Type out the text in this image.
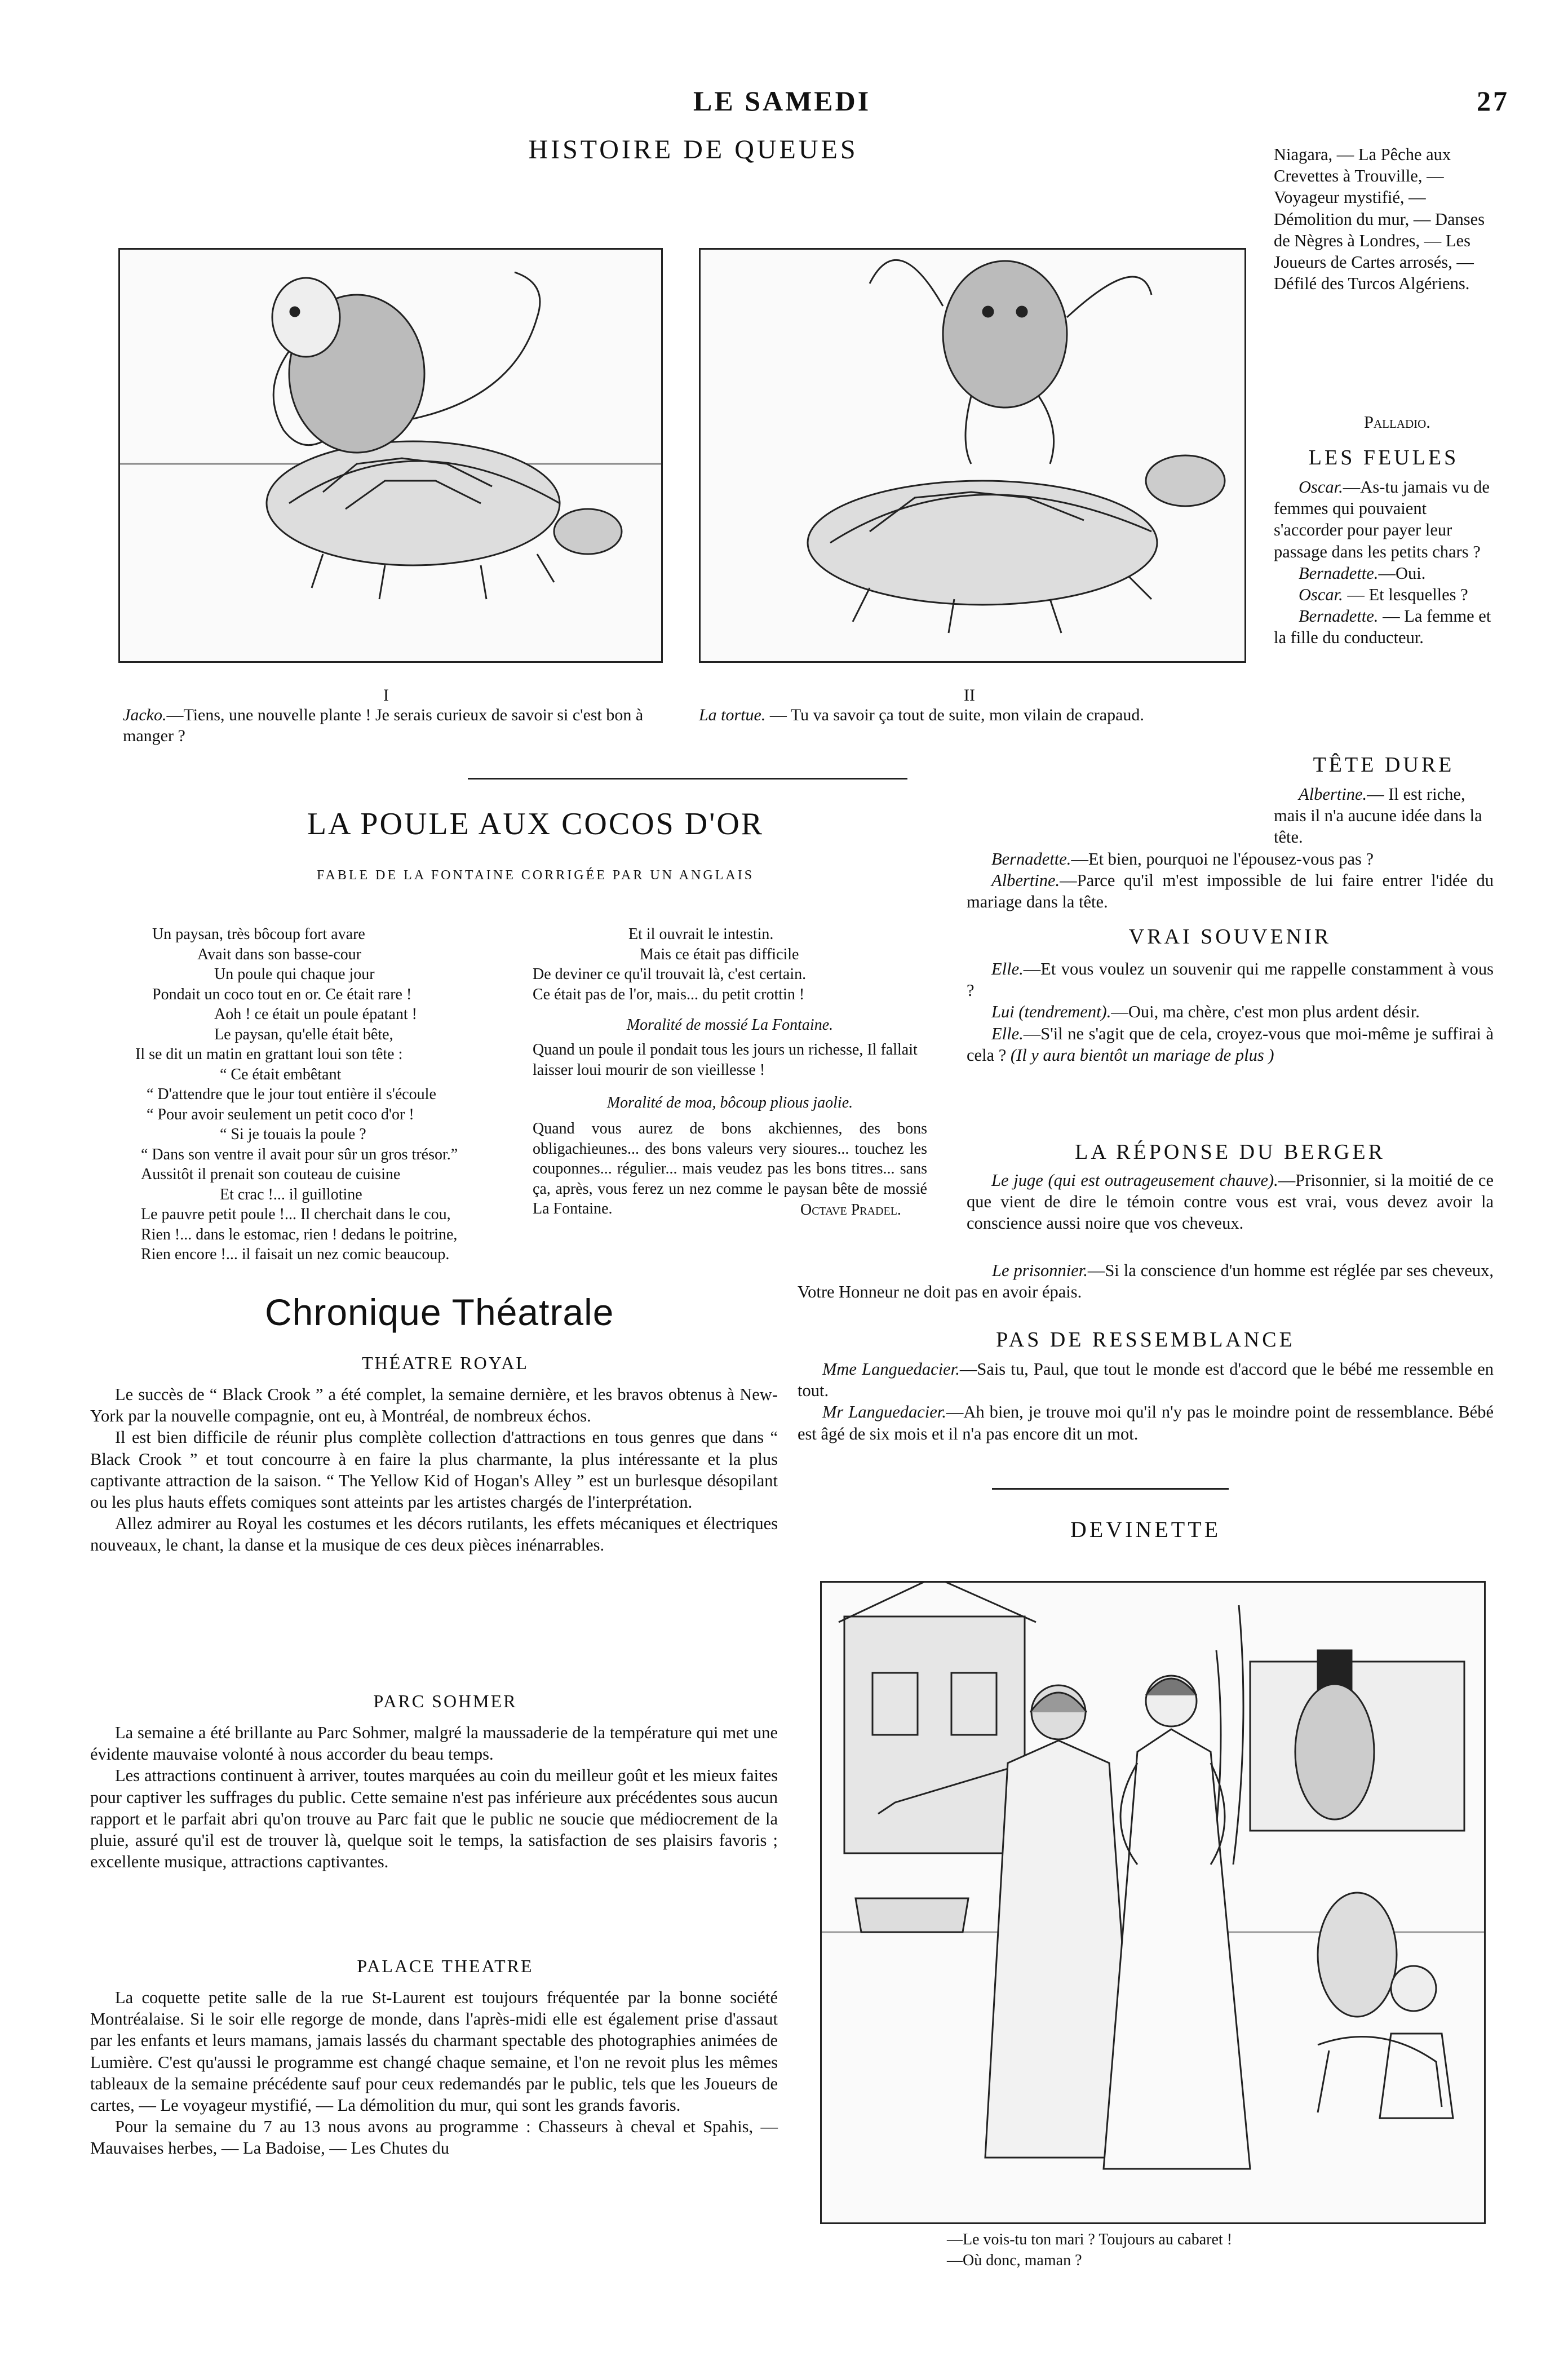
LE SAMEDI	27
HISTOIRE DE QUEUES
I	II
Jacko.—Tiens, une nouvelle plante ! Je serais curieux de savoir si c'est bon à manger ?
La tortue. — Tu va savoir ça tout de suite, mon vilain de crapaud.
Niagara, — La Pêche aux Crevettes à Trouville, — Voyageur mystifié, — Démolition du mur, — Danses de Nègres à Londres, — Les Joueurs de Cartes arrosés, — Défilé des Turcos Algériens.
Palladio.
LES FEULES
Oscar.—As-tu jamais vu de femmes qui pouvaient s'accorder pour payer leur passage dans les petits chars ?
Bernadette.—Oui.
Oscar. — Et lesquelles ?
Bernadette. — La femme et la fille du conducteur.
TÊTE DURE
Albertine.— Il est riche, mais il n'a aucune idée dans la tête.
Bernadette.—Et bien, pourquoi ne l'épousez-vous pas ?
Albertine.—Parce qu'il m'est impossible de lui faire entrer l'idée du mariage dans la tête.
LA POULE AUX COCOS D'OR
FABLE DE LA FONTAINE CORRIGÉE PAR UN ANGLAIS

Un paysan, très bôcoup fort avare

Avait dans son basse-cour

Un poule qui chaque jour

Pondait un coco tout en or. Ce était rare !

Aoh ! ce était un poule épatant !

Le paysan, qu'elle était bête,

Il se dit un matin en grattant loui son tête :

“ Ce était embêtant

“ D'attendre que le jour tout entière il s'écoule

“ Pour avoir seulement un petit coco d'or !

“ Si je touais la poule ?

“ Dans son ventre il avait pour sûr un gros trésor.”

Aussitôt il prenait son couteau de cuisine

Et crac !... il guillotine

Le pauvre petit poule !... Il cherchait dans le cou,

Rien !... dans le estomac, rien ! dedans le poitrine,

Rien encore !... il faisait un nez comic beaucoup.

Et il ouvrait le intestin.

Mais ce était pas difficile

De deviner ce qu'il trouvait là, c'est certain.

Ce était pas de l'or, mais... du petit crottin !

Moralité de mossié La Fontaine.
Quand un poule il pondait tous les jours un richesse, Il fallait laisser loui mourir de son vieillesse !
Moralité de moa, bôcoup plious jaolie.
Quand vous aurez de bons akchiennes, des bons obligachieunes... des bons valeurs very sioures... touchez les couponnes... régulier... mais veudez pas les bons titres... sans ça, après, vous ferez un nez comme le paysan bête de mossié La Fontaine.	Octave Pradel.
VRAI SOUVENIR
Elle.—Et vous voulez un souvenir qui me rappelle constamment à vous ?
Lui (tendrement).—Oui, ma chère, c'est mon plus ardent désir.
Elle.—S'il ne s'agit que de cela, croyez-vous que moi-même je suffirai à cela ? (Il y aura bientôt un mariage de plus )
LA RÉPONSE DU BERGER
Le juge (qui est outrageusement chauve).—Prisonnier, si la moitié de ce que vient de dire le témoin contre vous est vrai, vous devez avoir la conscience aussi noire que vos cheveux.
Le prisonnier.—Si la conscience d'un homme est réglée par ses cheveux, Votre Honneur ne doit pas en avoir épais.
PAS DE RESSEMBLANCE
Mme Languedacier.—Sais tu, Paul, que tout le monde est d'accord que le bébé me ressemble en tout.
Mr Languedacier.—Ah bien, je trouve moi qu'il n'y pas le moindre point de ressemblance. Bébé est âgé de six mois et il n'a pas encore dit un mot.
DEVINETTE
—Le vois-tu ton mari ? Toujours au cabaret !
—Où donc, maman ?
Chronique Théatrale
THÉATRE ROYAL

Le succès de “ Black Crook ” a été complet, la semaine dernière, et les bravos obtenus à New-York par la nouvelle compagnie, ont eu, à Montréal, de nombreux échos.

Il est bien difficile de réunir plus complète collection d'attractions en tous genres que dans “ Black Crook ” et tout concourre à en faire la plus charmante, la plus intéressante et la plus captivante attraction de la saison. “ The Yellow Kid of Hogan's Alley ” est un burlesque désopilant ou les plus hauts effets comiques sont atteints par les artistes chargés de l'interprétation.

Allez admirer au Royal les costumes et les décors rutilants, les effets mécaniques et électriques nouveaux, le chant, la danse et la musique de ces deux pièces inénarrables.

PARC SOHMER

La semaine a été brillante au Parc Sohmer, malgré la maussaderie de la température qui met une évidente mauvaise volonté à nous accorder du beau temps.

Les attractions continuent à arriver, toutes marquées au coin du meilleur goût et les mieux faites pour captiver les suffrages du public. Cette semaine n'est pas inférieure aux précédentes sous aucun rapport et le parfait abri qu'on trouve au Parc fait que le public ne soucie que médiocrement de la pluie, assuré qu'il est de trouver là, quelque soit le temps, la satisfaction de ses plaisirs favoris ; excellente musique, attractions captivantes.

PALACE THEATRE

La coquette petite salle de la rue St-Laurent est toujours fréquentée par la bonne société Montréalaise. Si le soir elle regorge de monde, dans l'après-midi elle est également prise d'assaut par les enfants et leurs mamans, jamais lassés du charmant spectable des photographies animées de Lumière. C'est qu'aussi le programme est changé chaque semaine, et l'on ne revoit plus les mêmes tableaux de la semaine précédente sauf pour ceux redemandés par le public, tels que les Joueurs de cartes, — Le voyageur mystifié, — La démolition du mur, qui sont les grands favoris.

Pour la semaine du 7 au 13 nous avons au programme : Chasseurs à cheval et Spahis, — Mauvaises herbes, — La Badoise, — Les Chutes du
